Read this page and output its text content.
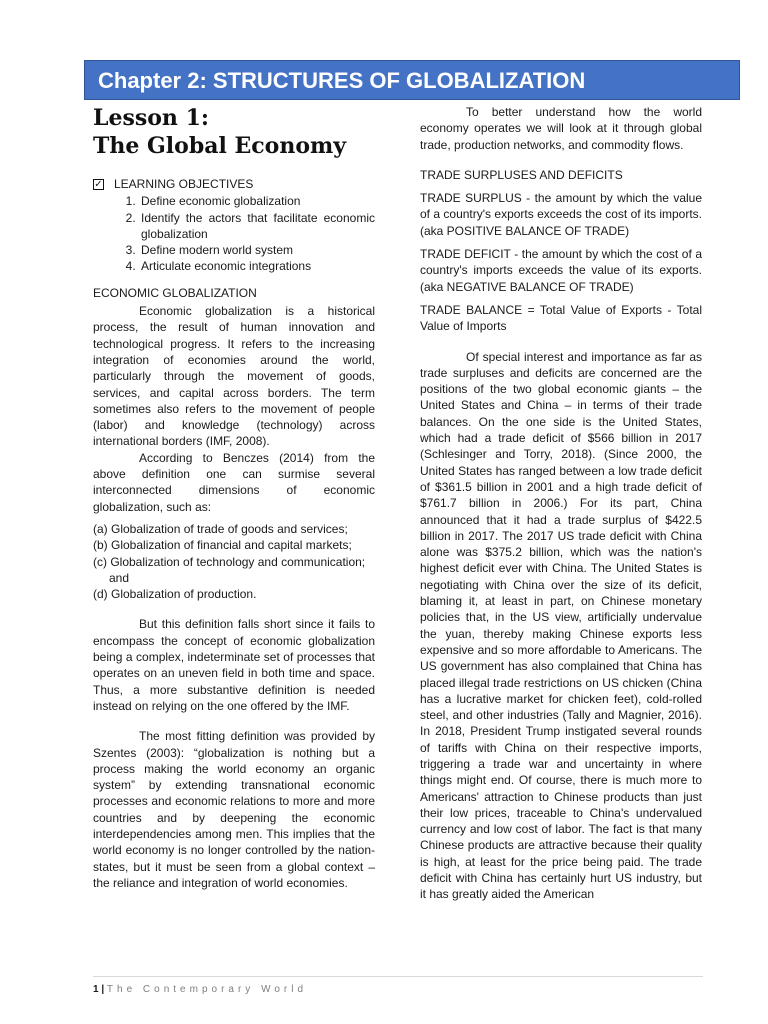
Chapter 2: STRUCTURES OF GLOBALIZATION
Lesson 1:
The Global Economy
✓ LEARNING OBJECTIVES
1. Define economic globalization
2. Identify the actors that facilitate economic globalization
3. Define modern world system
4. Articulate economic integrations
ECONOMIC GLOBALIZATION

Economic globalization is a historical process, the result of human innovation and technological progress. It refers to the increasing integration of economies around the world, particularly through the movement of goods, services, and capital across borders. The term sometimes also refers to the movement of people (labor) and knowledge (technology) across international borders (IMF, 2008).

According to Benczes (2014) from the above definition one can surmise several interconnected dimensions of economic globalization, such as:

(a) Globalization of trade of goods and services;
(b) Globalization of financial and capital markets;
(c) Globalization of technology and communication; and
(d) Globalization of production.

But this definition falls short since it fails to encompass the concept of economic globalization being a complex, indeterminate set of processes that operates on an uneven field in both time and space. Thus, a more substantive definition is needed instead on relying on the one offered by the IMF.

The most fitting definition was provided by Szentes (2003): “globalization is nothing but a process making the world economy an organic system” by extending transnational economic processes and economic relations to more and more countries and by deepening the economic interdependencies among men. This implies that the world economy is no longer controlled by the nation-states, but it must be seen from a global context – the reliance and integration of world economies.

To better understand how the world economy operates we will look at it through global trade, production networks, and commodity flows.

TRADE SURPLUSES AND DEFICITS

TRADE SURPLUS - the amount by which the value of a country's exports exceeds the cost of its imports. (aka POSITIVE BALANCE OF TRADE)

TRADE DEFICIT - the amount by which the cost of a country's imports exceeds the value of its exports. (aka NEGATIVE BALANCE OF TRADE)

TRADE BALANCE = Total Value of Exports - Total Value of Imports

Of special interest and importance as far as trade surpluses and deficits are concerned are the positions of the two global economic giants – the United States and China – in terms of their trade balances. On the one side is the United States, which had a trade deficit of $566 billion in 2017 (Schlesinger and Torry, 2018). (Since 2000, the United States has ranged between a low trade deficit of $361.5 billion in 2001 and a high trade deficit of $761.7 billion in 2006.) For its part, China announced that it had a trade surplus of $422.5 billion in 2017. The 2017 US trade deficit with China alone was $375.2 billion, which was the nation's highest deficit ever with China. The United States is negotiating with China over the size of its deficit, blaming it, at least in part, on Chinese monetary policies that, in the US view, artificially undervalue the yuan, thereby making Chinese exports less expensive and so more affordable to Americans. The US government has also complained that China has placed illegal trade restrictions on US chicken (China has a lucrative market for chicken feet), cold-rolled steel, and other industries (Tally and Magnier, 2016). In 2018, President Trump instigated several rounds of tariffs with China on their respective imports, triggering a trade war and uncertainty in where things might end. Of course, there is much more to Americans' attraction to Chinese products than just their low prices, traceable to China's undervalued currency and low cost of labor. The fact is that many Chinese products are attractive because their quality is high, at least for the price being paid. The trade deficit with China has certainly hurt US industry, but it has greatly aided the American

1 | The Contemporary World
